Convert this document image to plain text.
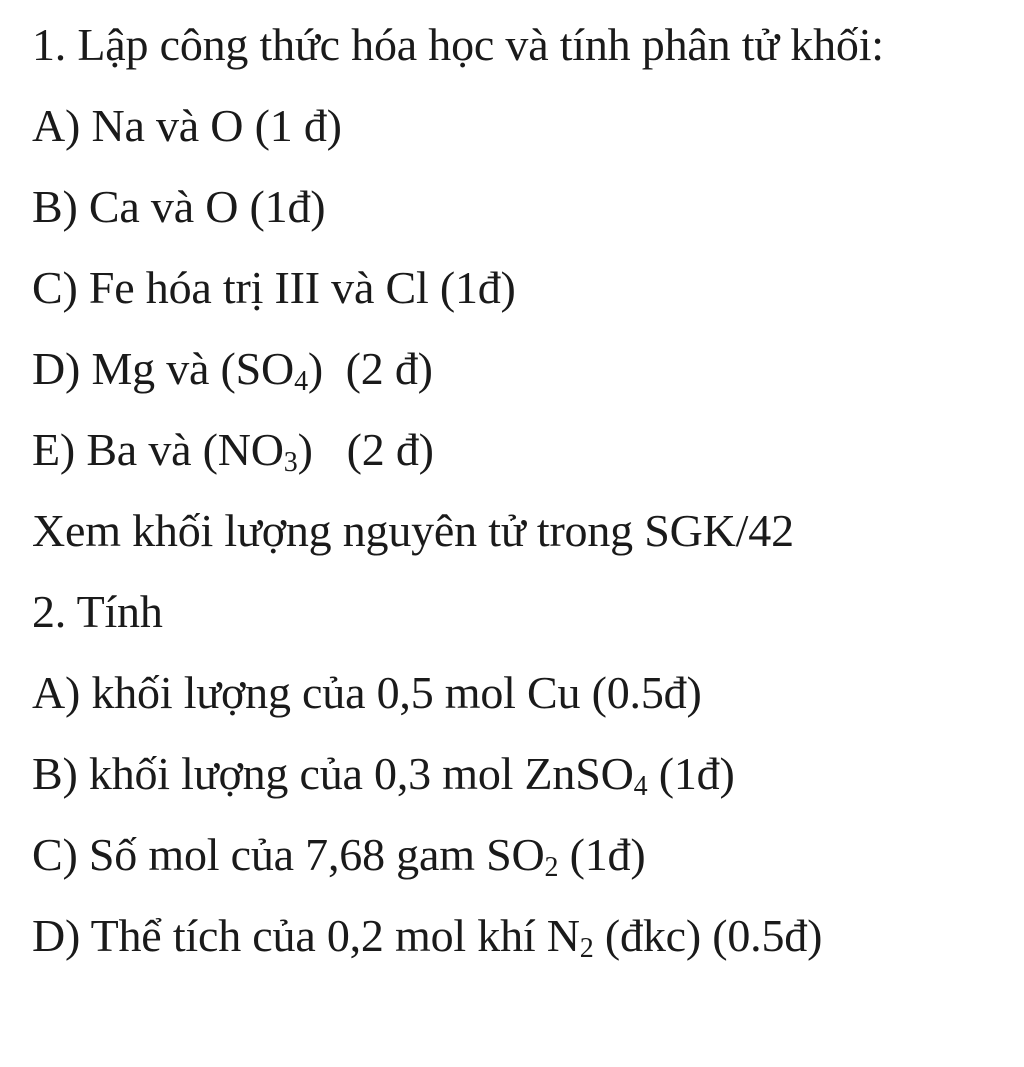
1. Lập công thức hóa học và tính phân tử khối:
A) Na và O (1 đ)
B) Ca và O (1đ)
C) Fe hóa trị III và Cl (1đ)
D) Mg và $(SO_4)$  (2 đ)
E) Ba và $(NO_3)$   (2 đ)
Xem khối lượng nguyên tử trong SGK/42
2. Tính
A) khối lượng của 0,5 mol Cu (0.5đ)
B) khối lượng của 0,3 mol ZnSO$_4$ (1đ)
C) Số mol của 7,68 gam $SO_2$ (1đ)
D) Thể tích của 0,2 mol khí $N_2$ (đkc) (0.5đ)
